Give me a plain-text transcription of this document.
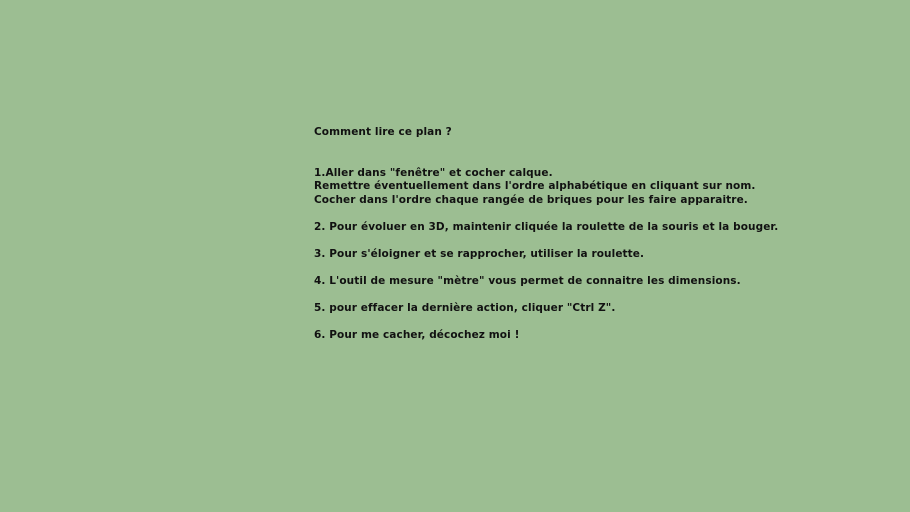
Comment lire ce plan ?
1.Aller dans "fenêtre" et cocher calque.
Remettre éventuellement dans l'ordre alphabétique en cliquant sur nom.
Cocher dans l'ordre chaque rangée de briques pour les faire apparaitre.
2. Pour évoluer en 3D, maintenir cliquée la roulette de la souris et la bouger.
3. Pour s'éloigner et se rapprocher, utiliser la roulette.
4. L'outil de mesure "mètre" vous permet de connaitre les dimensions.
5. pour effacer la dernière action, cliquer "Ctrl Z".
6. Pour me cacher, décochez moi !
